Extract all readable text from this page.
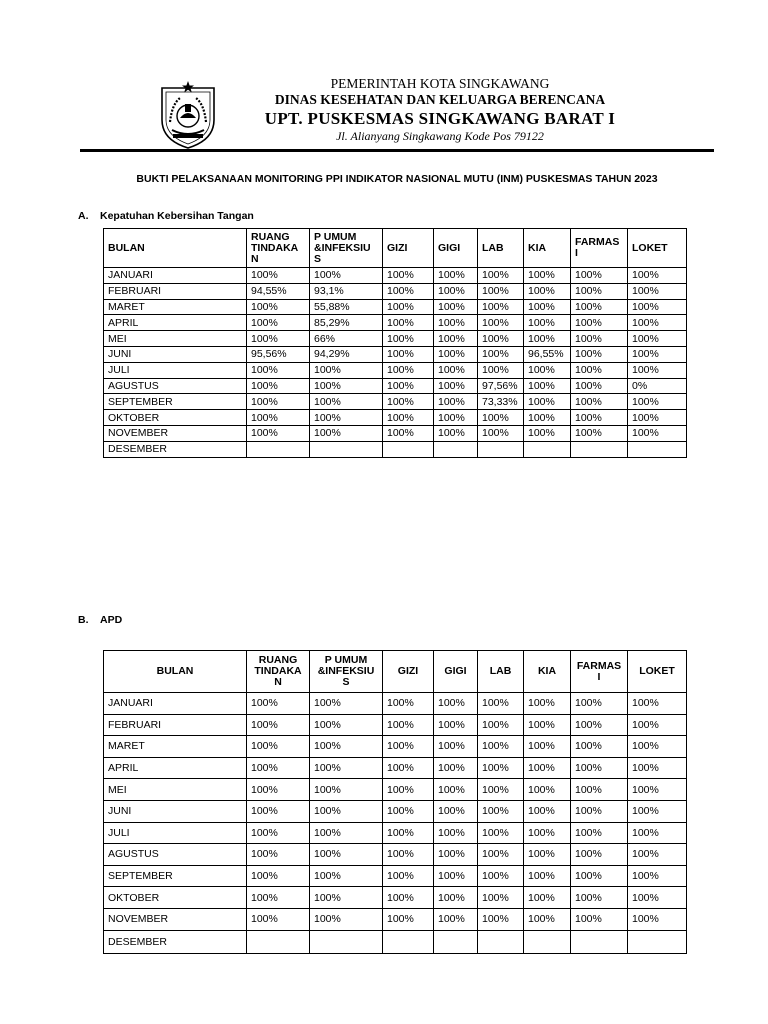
PEMERINTAH KOTA SINGKAWANG
DINAS KESEHATAN DAN KELUARGA BERENCANA
UPT. PUSKESMAS SINGKAWANG BARAT I
Jl. Alianyang Singkawang Kode Pos 79122
BUKTI PELAKSANAAN MONITORING PPI INDIKATOR NASIONAL MUTU (INM) PUSKESMAS TAHUN 2023
A. Kepatuhan Kebersihan Tangan
BULAN	RUANG TINDAKA N	P UMUM &INFEKSIU S	GIZI	GIGI	LAB	KIA	FARMAS I	LOKET
JANUARI	100%	100%	100%	100%	100%	100%	100%	100%
FEBRUARI	94,55%	93,1%	100%	100%	100%	100%	100%	100%
MARET	100%	55,88%	100%	100%	100%	100%	100%	100%
APRIL	100%	85,29%	100%	100%	100%	100%	100%	100%
MEI	100%	66%	100%	100%	100%	100%	100%	100%
JUNI	95,56%	94,29%	100%	100%	100%	96,55%	100%	100%
JULI	100%	100%	100%	100%	100%	100%	100%	100%
AGUSTUS	100%	100%	100%	100%	97,56%	100%	100%	0%
SEPTEMBER	100%	100%	100%	100%	73,33%	100%	100%	100%
OKTOBER	100%	100%	100%	100%	100%	100%	100%	100%
NOVEMBER	100%	100%	100%	100%	100%	100%	100%	100%
DESEMBER								
B. APD
BULAN	RUANG TINDAKA N	P UMUM &INFEKSIU S	GIZI	GIGI	LAB	KIA	FARMAS I	LOKET
JANUARI	100%	100%	100%	100%	100%	100%	100%	100%
FEBRUARI	100%	100%	100%	100%	100%	100%	100%	100%
MARET	100%	100%	100%	100%	100%	100%	100%	100%
APRIL	100%	100%	100%	100%	100%	100%	100%	100%
MEI	100%	100%	100%	100%	100%	100%	100%	100%
JUNI	100%	100%	100%	100%	100%	100%	100%	100%
JULI	100%	100%	100%	100%	100%	100%	100%	100%
AGUSTUS	100%	100%	100%	100%	100%	100%	100%	100%
SEPTEMBER	100%	100%	100%	100%	100%	100%	100%	100%
OKTOBER	100%	100%	100%	100%	100%	100%	100%	100%
NOVEMBER	100%	100%	100%	100%	100%	100%	100%	100%
DESEMBER								
